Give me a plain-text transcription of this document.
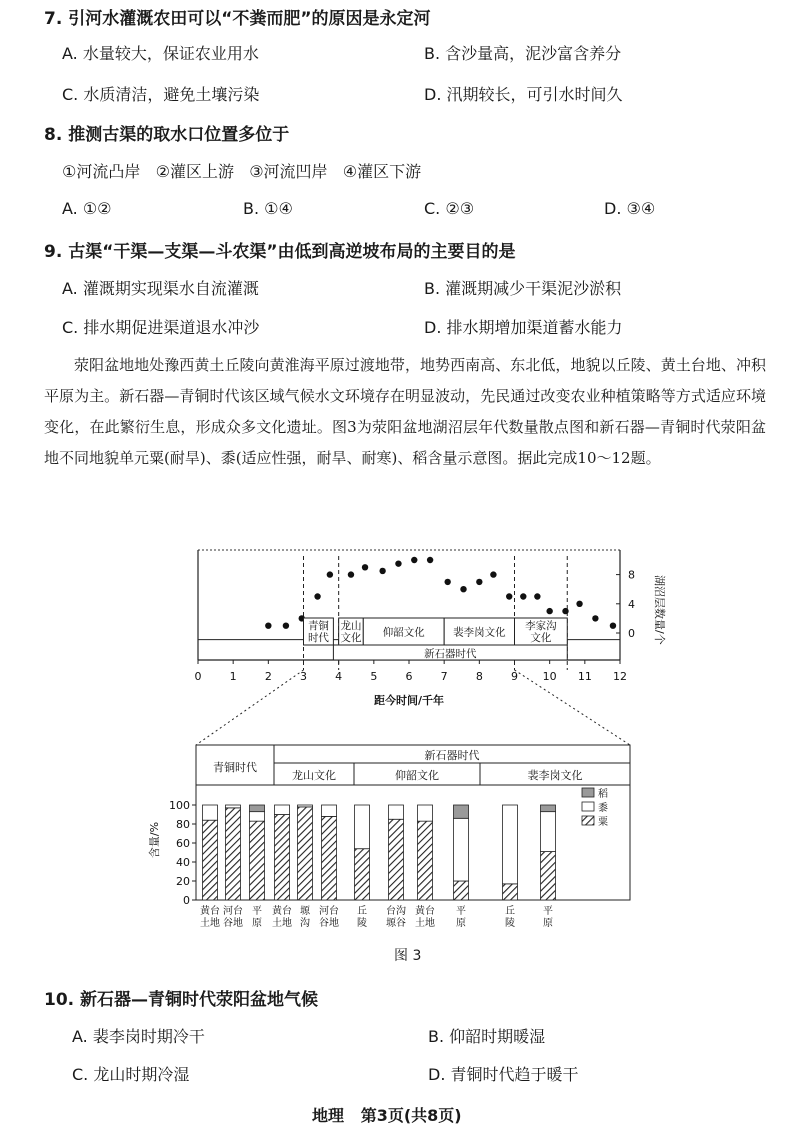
7. 引河水灌溉农田可以“不粪而肥”的原因是永定河
A. 水量较大，保证农业用水	B. 含沙量高，泥沙富含养分
C. 水质清洁，避免土壤污染	D. 汛期较长，可引水时间久
8. 推测古渠的取水口位置多位于
①河流凸岸   ②灌区上游   ③河流凹岸   ④灌区下游
A. ①②	B. ①④	C. ②③	D. ③④
9. 古渠“干渠—支渠—斗农渠”由低到高逆坡布局的主要目的是
A. 灌溉期实现渠水自流灌溉	B. 灌溉期减少干渠泥沙淤积
C. 排水期促进渠道退水冲沙	D. 排水期增加渠道蓄水能力
荥阳盆地地处豫西黄土丘陵向黄淮海平原过渡地带，地势西南高、东北低，地貌以丘陵、黄土台地、冲积平原为主。新石器—青铜时代该区域气候水文环境存在明显波动，先民通过改变农业种植策略等方式适应环境变化，在此繁衍生息，形成众多文化遗址。图3为荥阳盆地湖沼层年代数量散点图和新石器—青铜时代荥阳盆地不同地貌单元粟(耐旱)、黍(适应性强，耐旱、耐寒)、稻含量示意图。据此完成10～12题。
0	1	2	3	4	5	6	7	8	9 10 11 12
距今时间/千年
0
4
8 湖沼层数量/个
青铜
时代
龙山
文化 仰韶文化	裴李岗文化
李家沟
文化
新石器时代
青铜时代
新石器时代
龙山文化	仰韶文化	裴李岗文化
0
20
40
60
80
100
含量/%
黄
土
台
地
河
谷
台
地
平
原
黄
土
台
地
塬
沟
河
谷
台
地
丘
陵
台
塬
沟
谷
黄
土
台
地
平
原
丘
陵
平
原
稻
黍
粟
图 3
10. 新石器—青铜时代荥阳盆地气候
A. 裴李岗时期冷干	B. 仰韶时期暖湿
C. 龙山时期冷湿	D. 青铜时代趋于暖干
地理   第3页(共8页)
